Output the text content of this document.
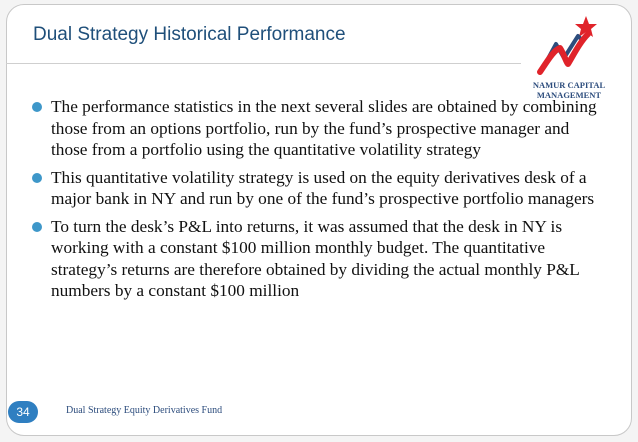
Dual Strategy Historical Performance
NAMUR CAPITAL
MANAGEMENT
The performance statistics in the next several slides are obtained by combining those from an options portfolio, run by the fund’s prospective manager and those from a portfolio using the quantitative volatility strategy
This quantitative volatility strategy is used on the equity derivatives desk of a major bank in NY and run by one of the fund’s prospective portfolio managers
To turn the desk’s P&L into returns, it was assumed that the desk in NY is working with a constant $100 million monthly budget. The quantitative strategy’s returns are therefore obtained by dividing the actual monthly P&L numbers by a constant $100 million
34	Dual Strategy Equity Derivatives Fund
